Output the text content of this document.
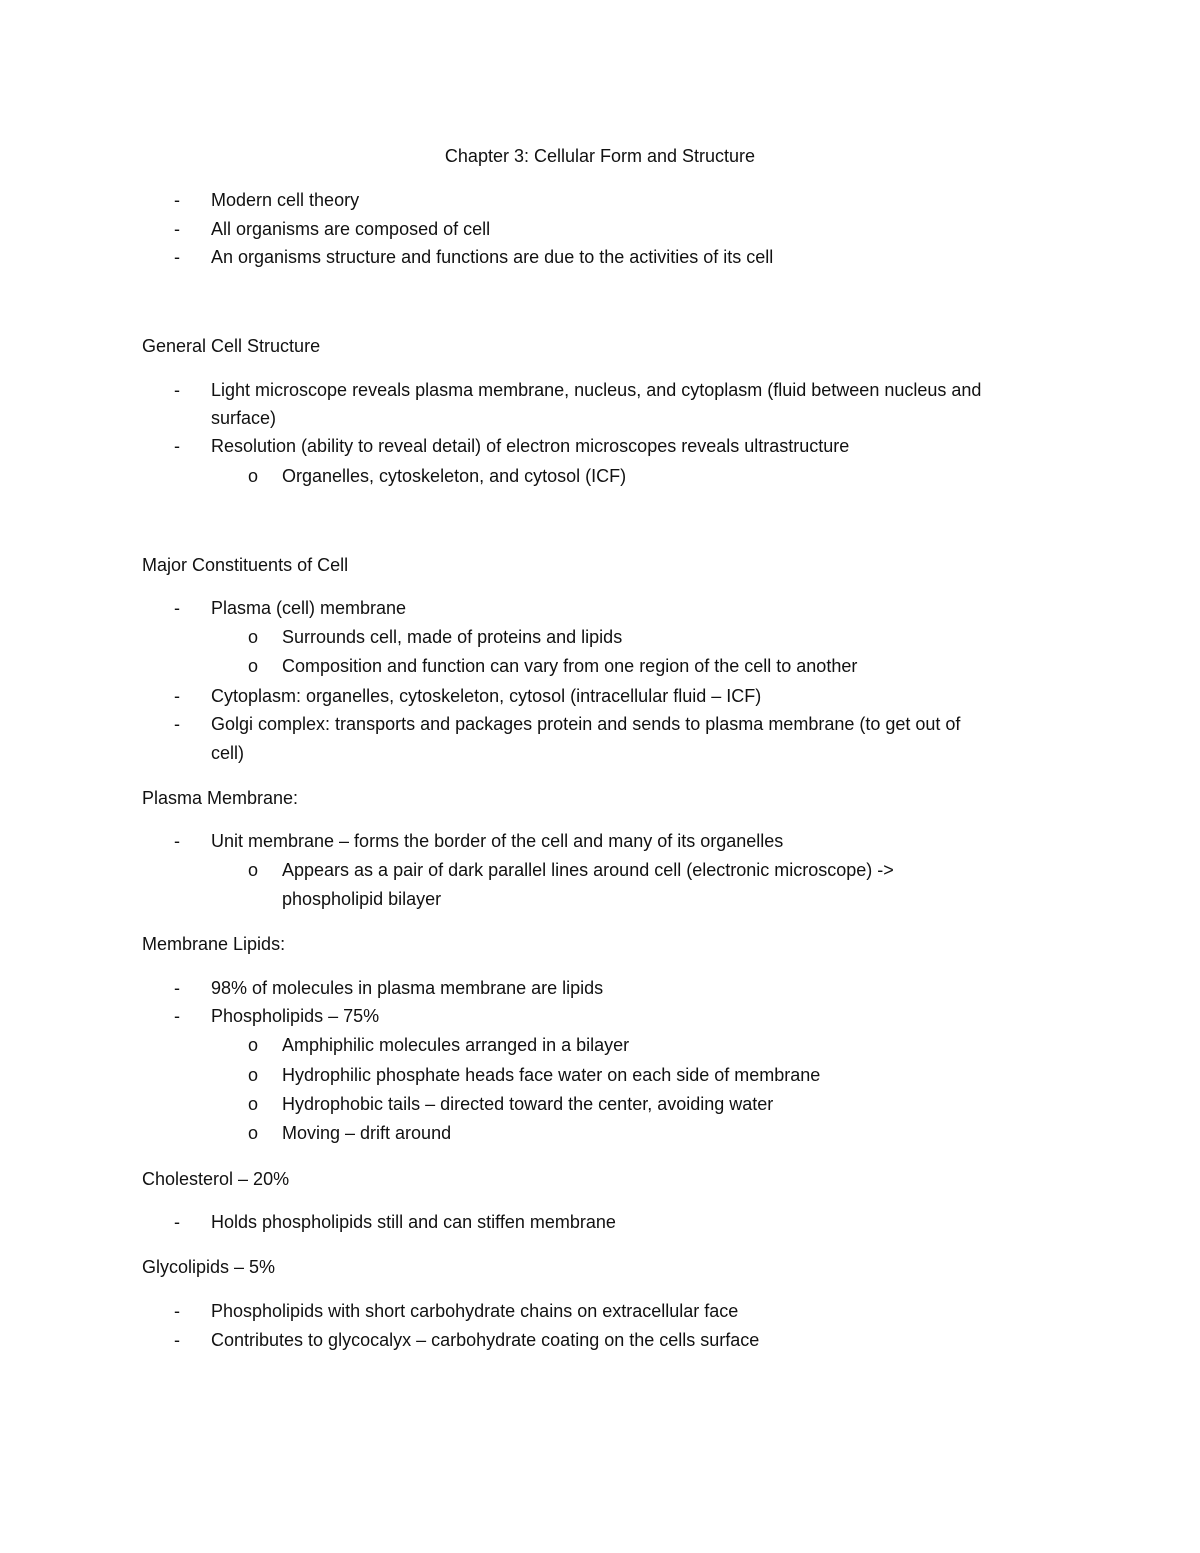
Chapter 3: Cellular Form and Structure
-	Modern cell theory
-	All organisms are composed of cell
-	An organisms structure and functions are due to the activities of its cell
General Cell Structure
-	Light microscope reveals plasma membrane, nucleus, and cytoplasm (fluid between nucleus and
surface)
-	Resolution (ability to reveal detail) of electron microscopes reveals ultrastructure
o	Organelles, cytoskeleton, and cytosol (ICF)
Major Constituents of Cell
-	Plasma (cell) membrane
o	Surrounds cell, made of proteins and lipids
o	Composition and function can vary from one region of the cell to another
-	Cytoplasm: organelles, cytoskeleton, cytosol (intracellular fluid – ICF)
-	Golgi complex: transports and packages protein and sends to plasma membrane (to get out of
cell)
Plasma Membrane:
-	Unit membrane – forms the border of the cell and many of its organelles
o	Appears as a pair of dark parallel lines around cell (electronic microscope) ->
phospholipid bilayer
Membrane Lipids:
-	98% of molecules in plasma membrane are lipids
-	Phospholipids – 75%
o	Amphiphilic molecules arranged in a bilayer
o	Hydrophilic phosphate heads face water on each side of membrane
o	Hydrophobic tails – directed toward the center, avoiding water
o	Moving – drift around
Cholesterol – 20%
-	Holds phospholipids still and can stiffen membrane
Glycolipids – 5%
-	Phospholipids with short carbohydrate chains on extracellular face
-	Contributes to glycocalyx – carbohydrate coating on the cells surface
